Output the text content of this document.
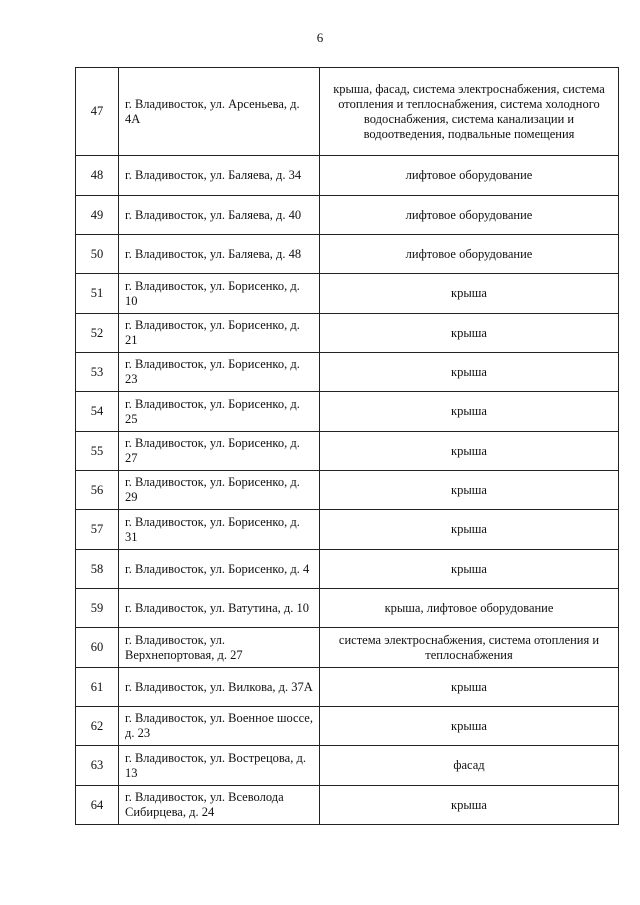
6
47	г. Владивосток, ул. Арсеньева, д. 4А	крыша, фасад, система электроснабжения, система отопления и теплоснабжения, система холодного водоснабжения, система канализации и водоотведения, подвальные помещения
48	г. Владивосток, ул. Баляева, д. 34	лифтовое оборудование
49	г. Владивосток, ул. Баляева, д. 40	лифтовое оборудование
50	г. Владивосток, ул. Баляева, д. 48	лифтовое оборудование
51	г. Владивосток, ул. Борисенко, д. 10	крыша
52	г. Владивосток, ул. Борисенко, д. 21	крыша
53	г. Владивосток, ул. Борисенко, д. 23	крыша
54	г. Владивосток, ул. Борисенко, д. 25	крыша
55	г. Владивосток, ул. Борисенко, д. 27	крыша
56	г. Владивосток, ул. Борисенко, д. 29	крыша
57	г. Владивосток, ул. Борисенко, д. 31	крыша
58	г. Владивосток, ул. Борисенко, д. 4	крыша
59	г. Владивосток, ул. Ватутина, д. 10	крыша, лифтовое оборудование
60	г. Владивосток, ул. Верхнепортовая, д. 27	система электроснабжения, система отопления и теплоснабжения
61	г. Владивосток, ул. Вилкова, д. 37А	крыша
62	г. Владивосток, ул. Военное шоссе, д. 23	крыша
63	г. Владивосток, ул. Вострецова, д. 13	фасад
64	г. Владивосток, ул. Всеволода Сибирцева, д. 24	крыша
